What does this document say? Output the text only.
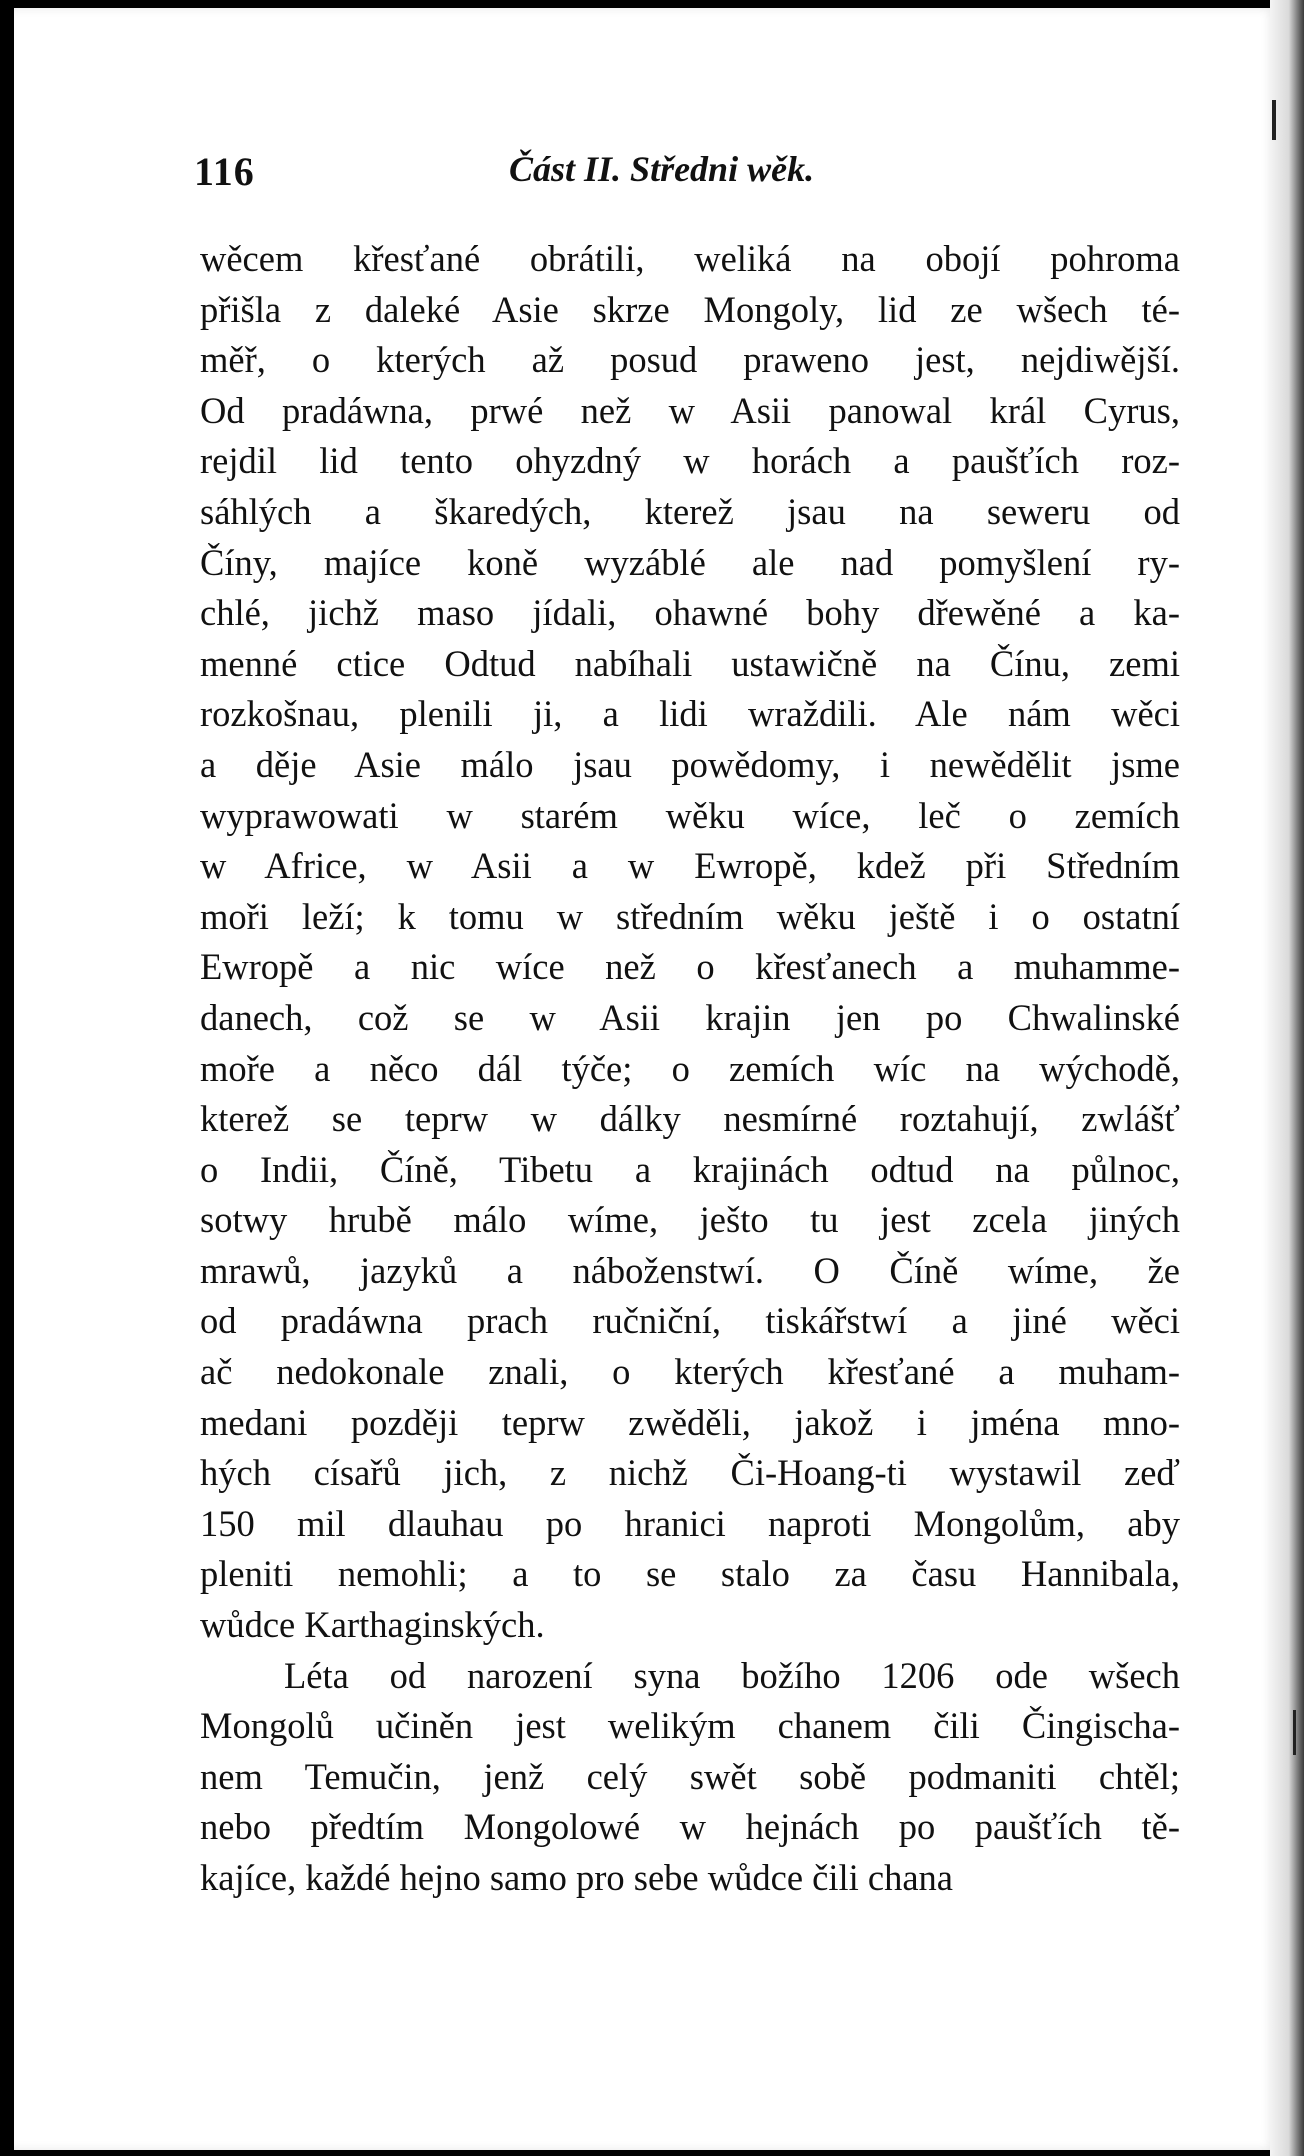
116	Část II. Středni wěk.
wěcem křesťané obrátili, weliká na obojí pohroma
přišla z daleké Asie skrze Mongoly, lid ze wšech té-
měř, o kterých až posud praweno jest, nejdiwější.
Od pradáwna, prwé než w Asii panowal král Cyrus,
rejdil lid tento ohyzdný w horách a paušťích roz-
sáhlých a škaredých, kterež jsau na seweru od
Číny, majíce koně wyzáblé ale nad pomyšlení ry-
chlé, jichž maso jídali, ohawné bohy dřewěné a ka-
menné ctice Odtud nabíhali ustawičně na Čínu, zemi
rozkošnau, plenili ji, a lidi wraždili. Ale nám wěci
a děje Asie málo jsau powědomy, i newědělit jsme
wyprawowati w starém wěku wíce, leč o zemích
w Africe, w Asii a w Ewropě, kdež při Středním
moři leží; k tomu w středním wěku ještě i o ostatní
Ewropě a nic wíce než o křesťanech a muhamme-
danech, což se w Asii krajin jen po Chwalinské
moře a něco dál týče; o zemích wíc na wýchodě,
kterež se teprw w dálky nesmírné roztahují, zwlášť
o Indii, Číně, Tibetu a krajinách odtud na půlnoc,
sotwy hrubě málo wíme, ješto tu jest zcela jiných
mrawů, jazyků a náboženstwí. O Číně wíme, že
od pradáwna prach ručniční, tiskářstwí a jiné wěci
ač nedokonale znali, o kterých křesťané a muham-
medani později teprw zwěděli, jakož i jména mno-
hých císařů jich, z nichž Či-Hoang-ti wystawil zeď
150 mil dlauhau po hranici naproti Mongolům, aby
pleniti nemohli; a to se stalo za času Hannibala,
wůdce Karthaginských.
Léta od narození syna božího 1206 ode wšech
Mongolů učiněn jest welikým chanem čili Čingischa-
nem Temučin, jenž celý swět sobě podmaniti chtěl;
nebo předtím Mongolowé w hejnách po paušťích tě-
kajíce, každé hejno samo pro sebe wůdce čili chana
